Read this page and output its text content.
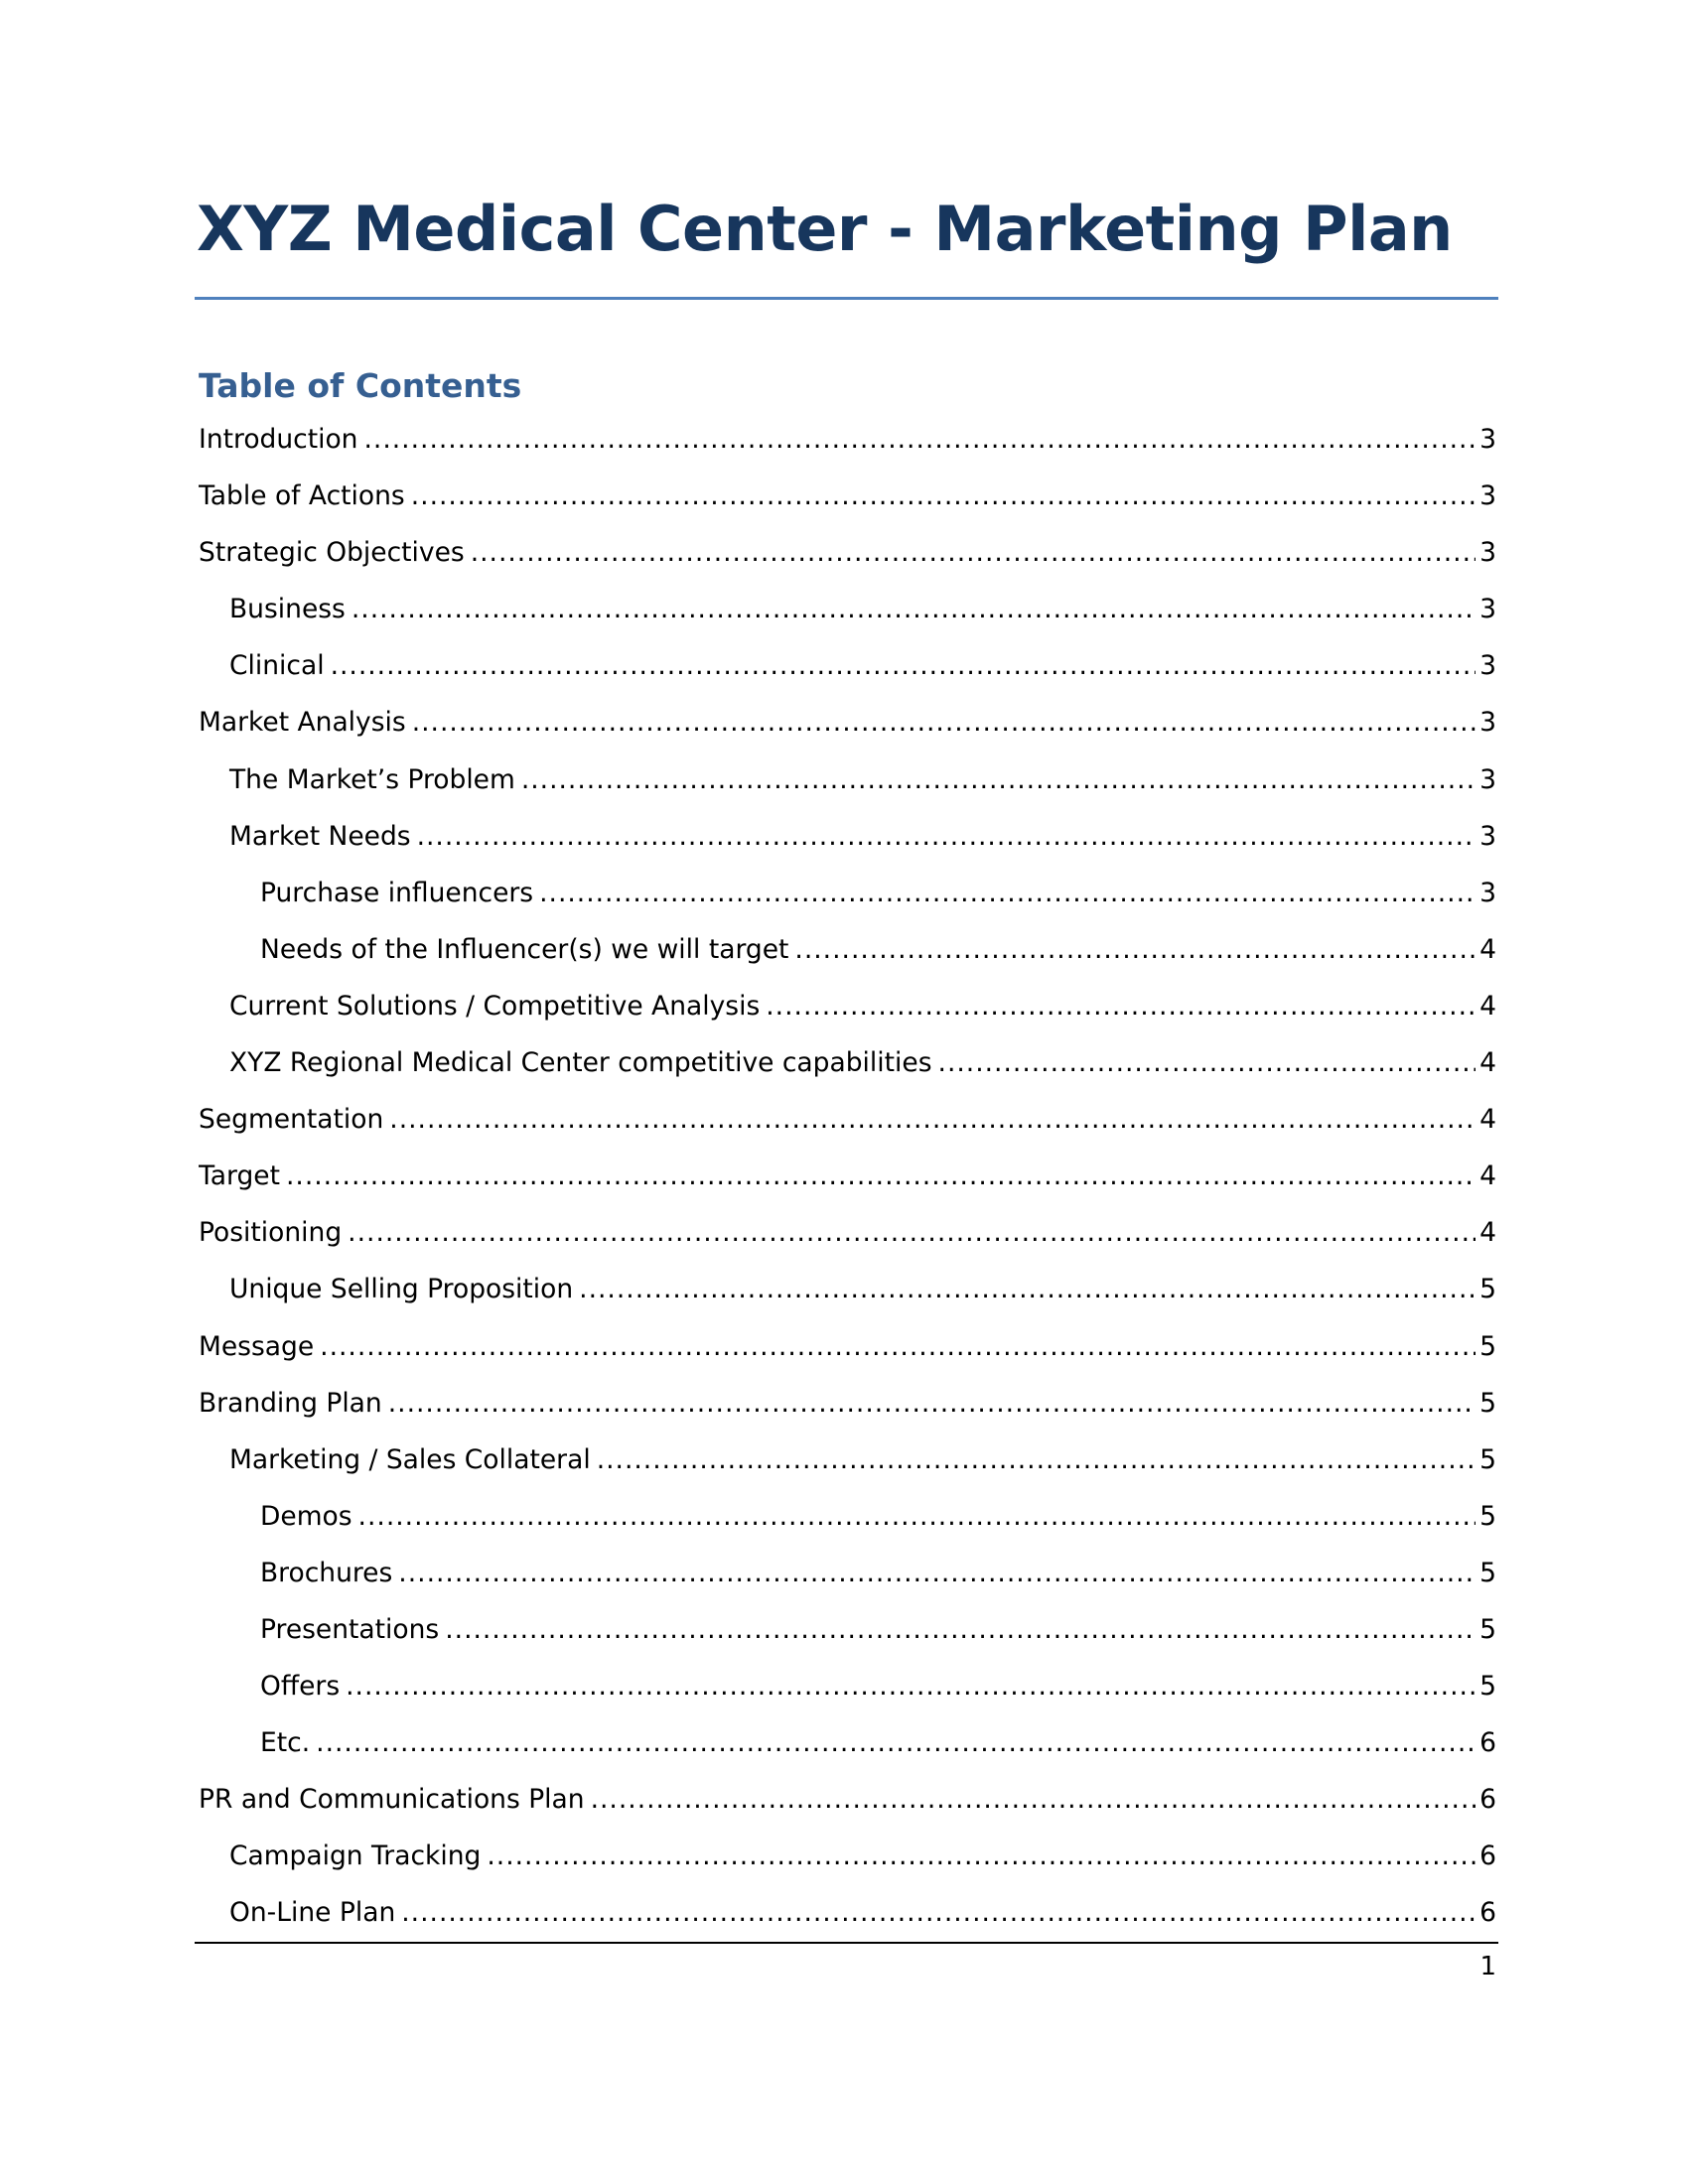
XYZ Medical Center - Marketing Plan
Table of Contents
Introduction .....	3
Table of Actions .....	3
Strategic Objectives .....	3
Business .....	3
Clinical .....	3
Market Analysis .....	3
The Market’s Problem .....	3
Market Needs .....	3
Purchase influencers .....	3
Needs of the Influencer(s) we will target .....	4
Current Solutions / Competitive Analysis .....	4
XYZ Regional Medical Center competitive capabilities .....	4
Segmentation .....	4
Target .....	4
Positioning .....	4
Unique Selling Proposition .....	5
Message .....	5
Branding Plan .....	5
Marketing / Sales Collateral .....	5
Demos .....	5
Brochures .....	5
Presentations .....	5
Offers .....	5
Etc. .....	6
PR and Communications Plan .....	6
Campaign Tracking .....	6
On-Line Plan .....	6
1
